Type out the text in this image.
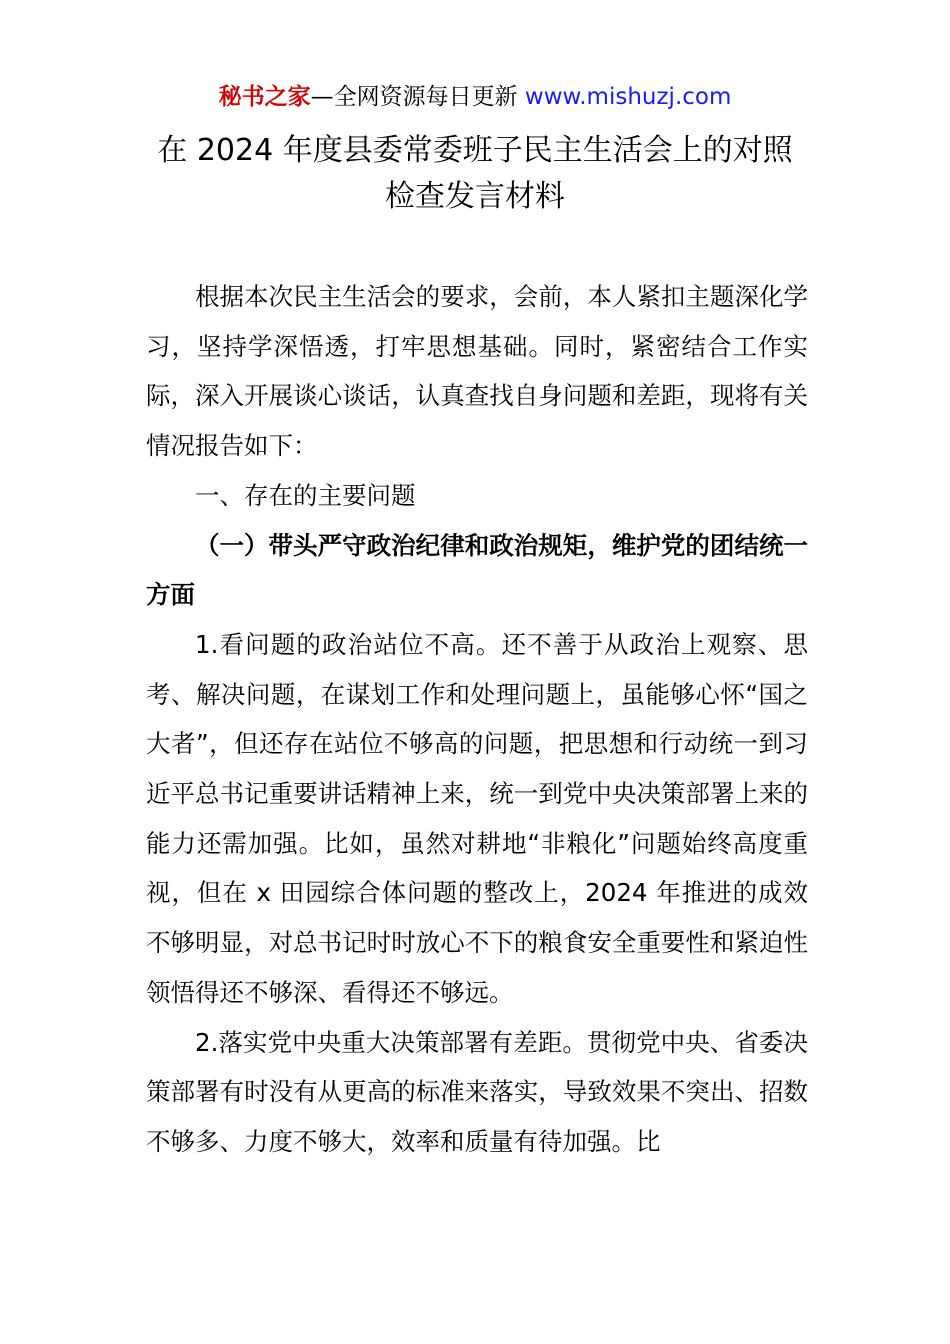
秘书之家—全网资源每日更新 www.mishuzj.com
在 2024 年度县委常委班子民主生活会上的对照
检查发言材料

根据本次民主生活会的要求，会前，本人紧扣主题深化学习，坚持学深悟透，打牢思想基础。同时，紧密结合工作实际，深入开展谈心谈话，认真查找自身问题和差距，现将有关情况报告如下：

一、存在的主要问题

（一）带头严守政治纪律和政治规矩，维护党的团结统一方面

1.看问题的政治站位不高。还不善于从政治上观察、思考、解决问题，在谋划工作和处理问题上，虽能够心怀“国之大者”，但还存在站位不够高的问题，把思想和行动统一到习近平总书记重要讲话精神上来，统一到党中央决策部署上来的能力还需加强。比如，虽然对耕地“非粮化”问题始终高度重视，但在 x 田园综合体问题的整改上，2024 年推进的成效不够明显，对总书记时时放心不下的粮食安全重要性和紧迫性领悟得还不够深、看得还不够远。

2.落实党中央重大决策部署有差距。贯彻党中央、省委决策部署有时没有从更高的标准来落实，导致效果不突出、招数不够多、力度不够大，效率和质量有待加强。比
